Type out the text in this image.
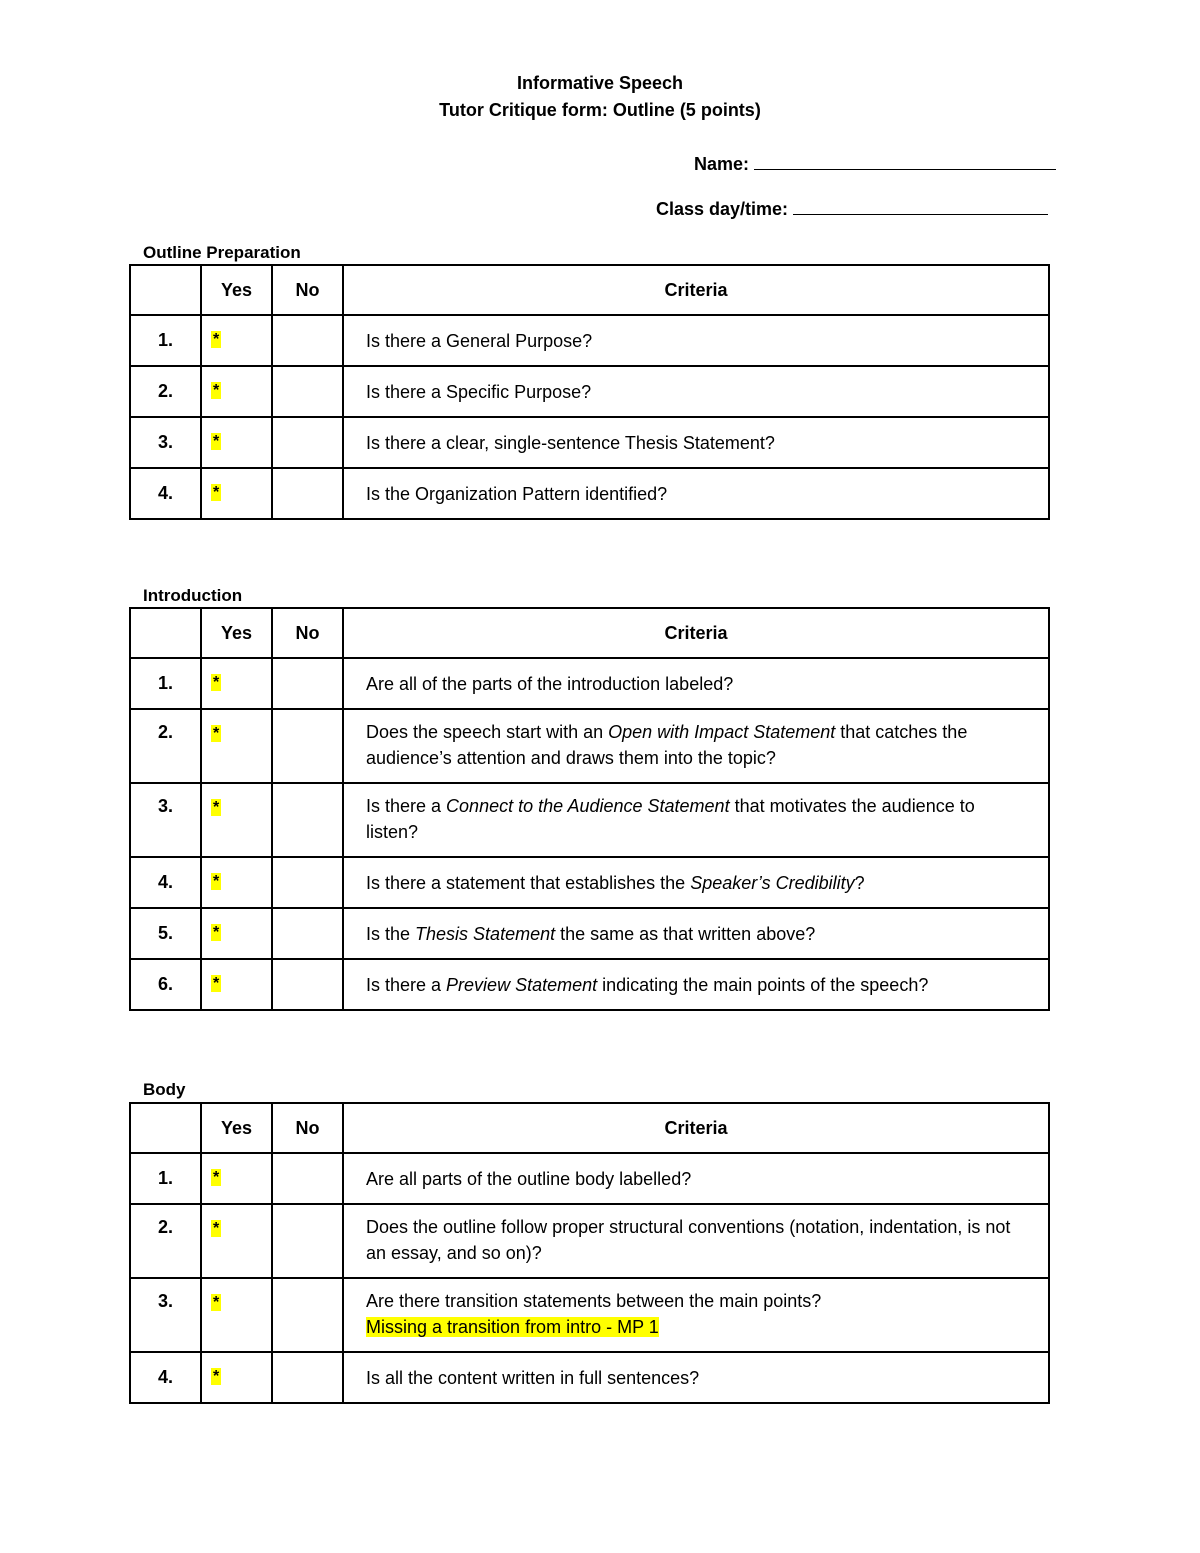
Informative Speech
Tutor Critique form: Outline (5 points)
Name:
Class day/time:
Outline Preparation
	Yes	No	Criteria
1.	*		Is there a General Purpose?
2.	*		Is there a Specific Purpose?
3.	*		Is there a clear, single-sentence Thesis Statement?
4.	*		Is the Organization Pattern identified?
Introduction
	Yes	No	Criteria
1.	*		Are all of the parts of the introduction labeled?
2.	*		Does the speech start with an Open with Impact Statement that catches the audience’s attention and draws them into the topic?
3.	*		Is there a Connect to the Audience Statement that motivates the audience to listen?
4.	*		Is there a statement that establishes the Speaker’s Credibility?
5.	*		Is the Thesis Statement the same as that written above?
6.	*		Is there a Preview Statement indicating the main points of the speech?
Body
	Yes	No	Criteria
1.	*		Are all parts of the outline body labelled?
2.	*		Does the outline follow proper structural conventions (notation, indentation, is not an essay, and so on)?
3.	*		Are there transition statements between the main points?
Missing a transition from intro - MP 1
4.	*		Is all the content written in full sentences?
